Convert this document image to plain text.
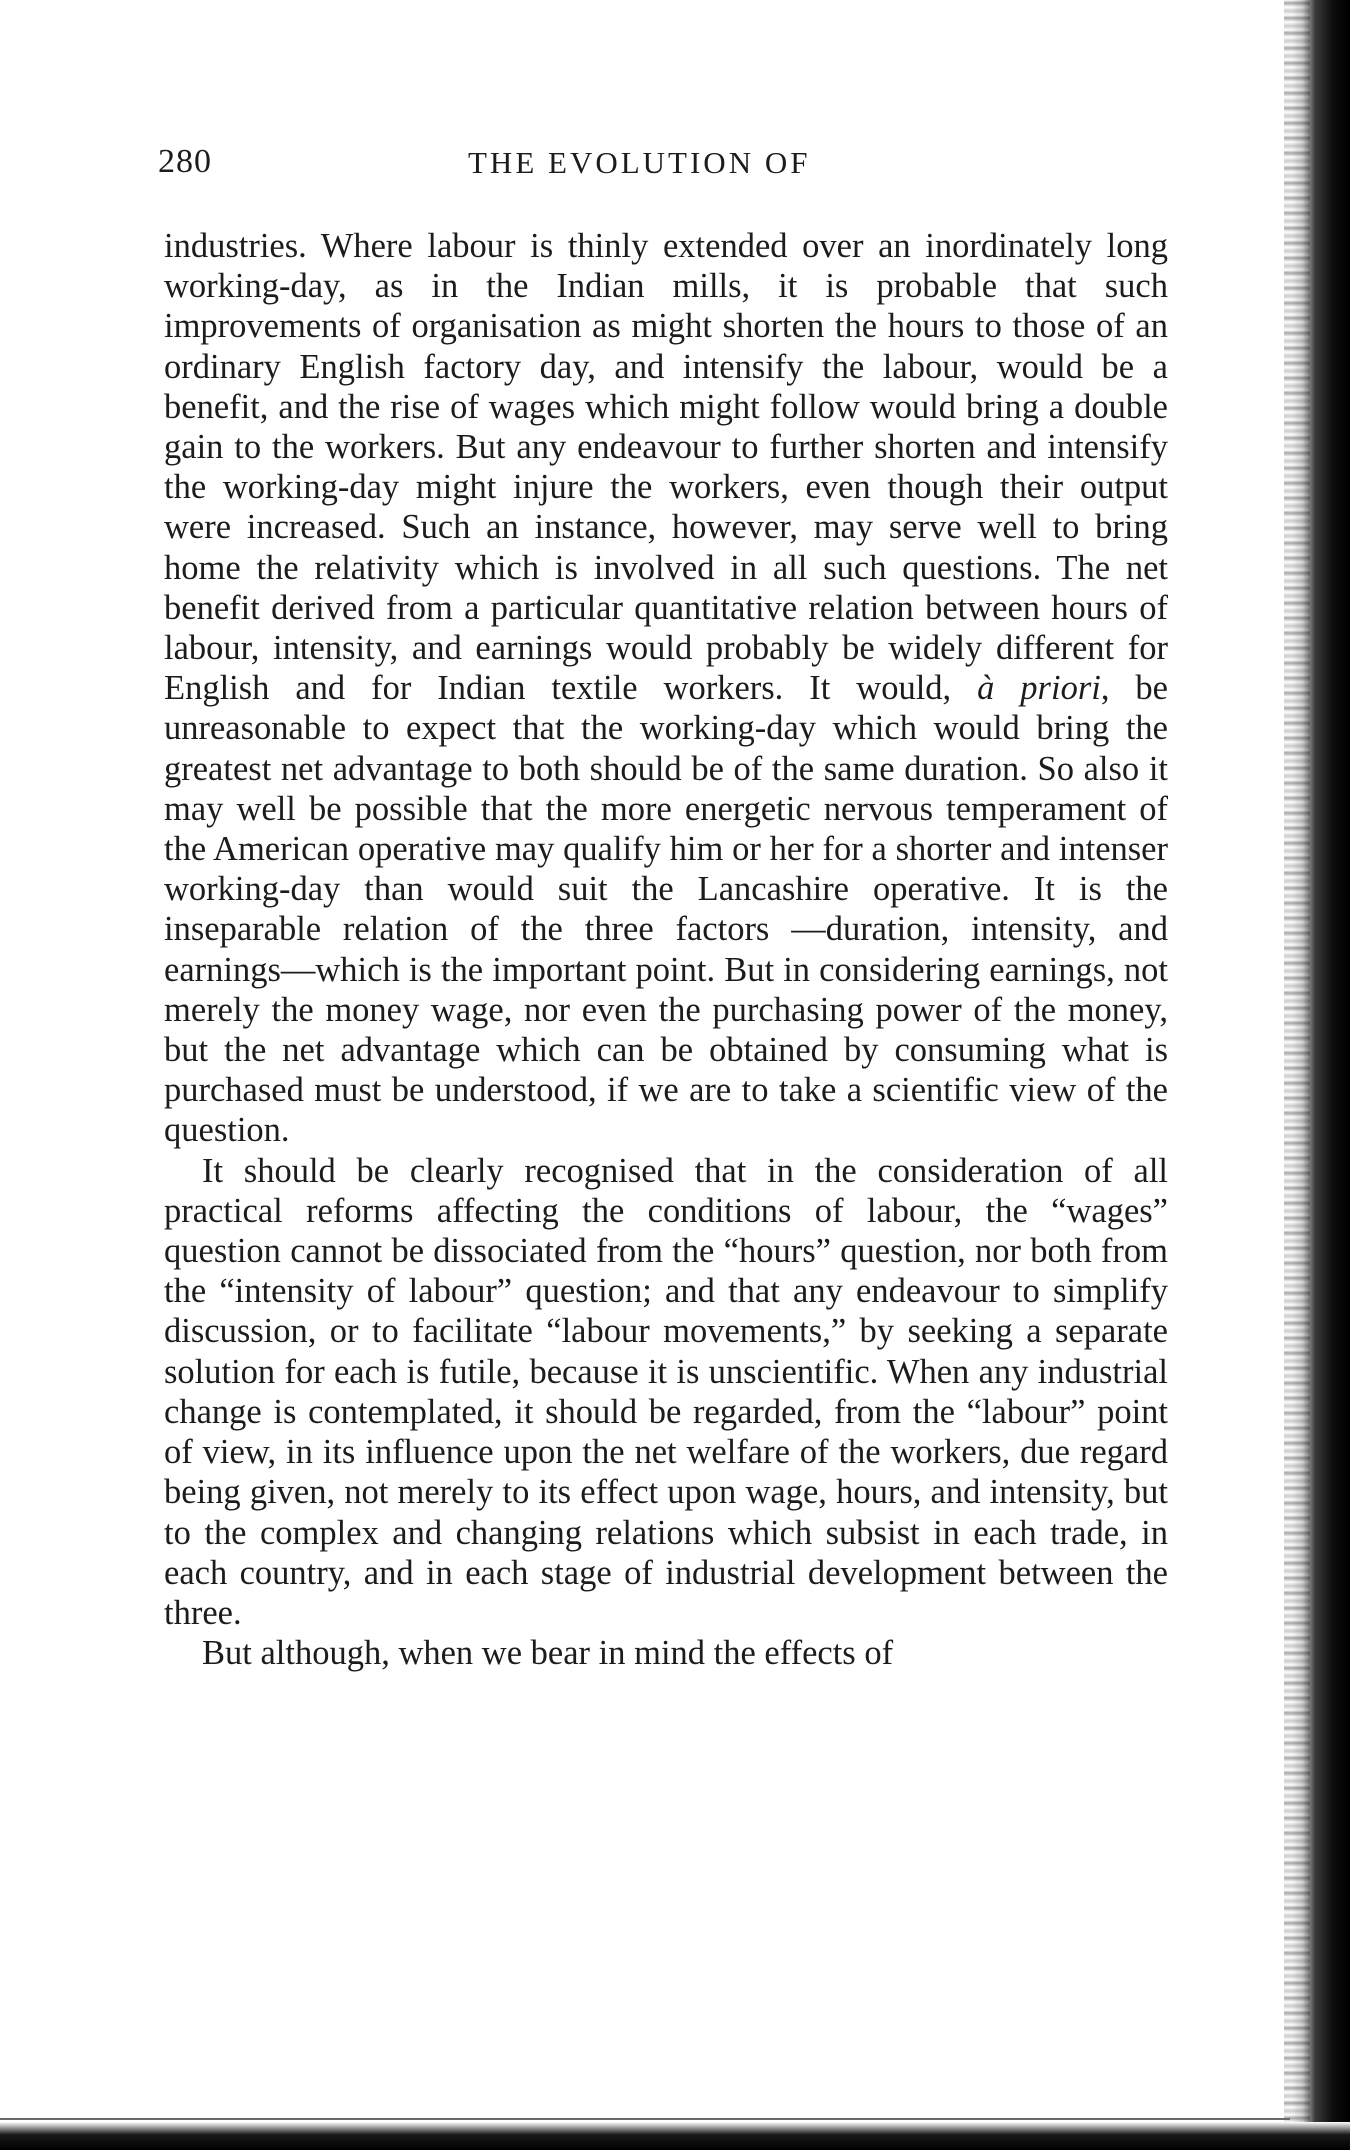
280	THE EVOLUTION OF

industries. Where labour is thinly extended over an inordinately long working-day, as in the Indian mills, it is probable that such improvements of organisation as might shorten the hours to those of an ordinary English factory day, and intensify the labour, would be a benefit, and the rise of wages which might follow would bring a double gain to the workers. But any endeavour to further shorten and intensify the working-day might injure the workers, even though their output were increased. Such an instance, however, may serve well to bring home the relativity which is involved in all such questions. The net benefit derived from a particular quantitative relation between hours of labour, intensity, and earnings would probably be widely different for English and for Indian textile workers. It would, à priori, be unreasonable to expect that the working-day which would bring the greatest net advantage to both should be of the same duration. So also it may well be possible that the more energetic nervous temperament of the American operative may qualify him or her for a shorter and intenser working-day than would suit the Lancashire operative. It is the inseparable relation of the three factors —duration, intensity, and earnings—which is the important point. But in considering earnings, not merely the money wage, nor even the purchasing power of the money, but the net advantage which can be obtained by consuming what is purchased must be understood, if we are to take a scientific view of the question.

It should be clearly recognised that in the consideration of all practical reforms affecting the conditions of labour, the “wages” question cannot be dissociated from the “hours” question, nor both from the “intensity of labour” question; and that any endeavour to simplify discussion, or to facilitate “labour movements,” by seeking a separate solution for each is futile, because it is unscientific. When any industrial change is contemplated, it should be regarded, from the “labour” point of view, in its influence upon the net welfare of the workers, due regard being given, not merely to its effect upon wage, hours, and intensity, but to the complex and changing relations which subsist in each trade, in each country, and in each stage of industrial development between the three.

But although, when we bear in mind the effects of
